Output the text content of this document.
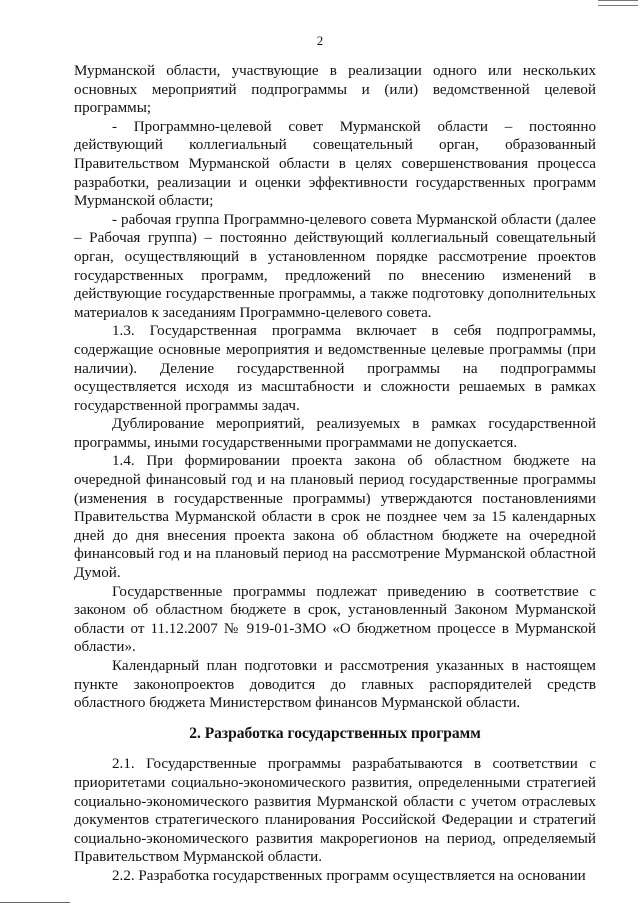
2

Мурманской области, участвующие в реализации одного или нескольких основных мероприятий подпрограммы и (или) ведомственной целевой программы;

- Программно-целевой совет Мурманской области – постоянно действующий коллегиальный совещательный орган, образованный Правительством Мурманской области в целях совершенствования процесса разработки, реализации и оценки эффективности государственных программ Мурманской области;

- рабочая группа Программно-целевого совета Мурманской области (далее – Рабочая группа) – постоянно действующий коллегиальный совещательный орган, осуществляющий в установленном порядке рассмотрение проектов государственных программ, предложений по внесению изменений в действующие государственные программы, а также подготовку дополнительных материалов к заседаниям Программно-целевого совета.

1.3. Государственная программа включает в себя подпрограммы, содержащие основные мероприятия и ведомственные целевые программы (при наличии). Деление государственной программы на подпрограммы осуществляется исходя из масштабности и сложности решаемых в рамках государственной программы задач.

Дублирование мероприятий, реализуемых в рамках государственной программы, иными государственными программами не допускается.

1.4. При формировании проекта закона об областном бюджете на очередной финансовый год и на плановый период государственные программы (изменения в государственные программы) утверждаются постановлениями Правительства Мурманской области в срок не позднее чем за 15 календарных дней до дня внесения проекта закона об областном бюджете на очередной финансовый год и на плановый период на рассмотрение Мурманской областной Думой.

Государственные программы подлежат приведению в соответствие с законом об областном бюджете в срок, установленный Законом Мурманской области от 11.12.2007 № 919-01-ЗМО «О бюджетном процессе в Мурманской области».

Календарный план подготовки и рассмотрения указанных в настоящем пункте законопроектов доводится до главных распорядителей средств областного бюджета Министерством финансов Мурманской области.

2. Разработка государственных программ

2.1. Государственные программы разрабатываются в соответствии с приоритетами социально-экономического развития, определенными стратегией социально-экономического развития Мурманской области с учетом отраслевых документов стратегического планирования Российской Федерации и стратегий социально-экономического развития макрорегионов на период, определяемый Правительством Мурманской области.

2.2. Разработка государственных программ осуществляется на основании
